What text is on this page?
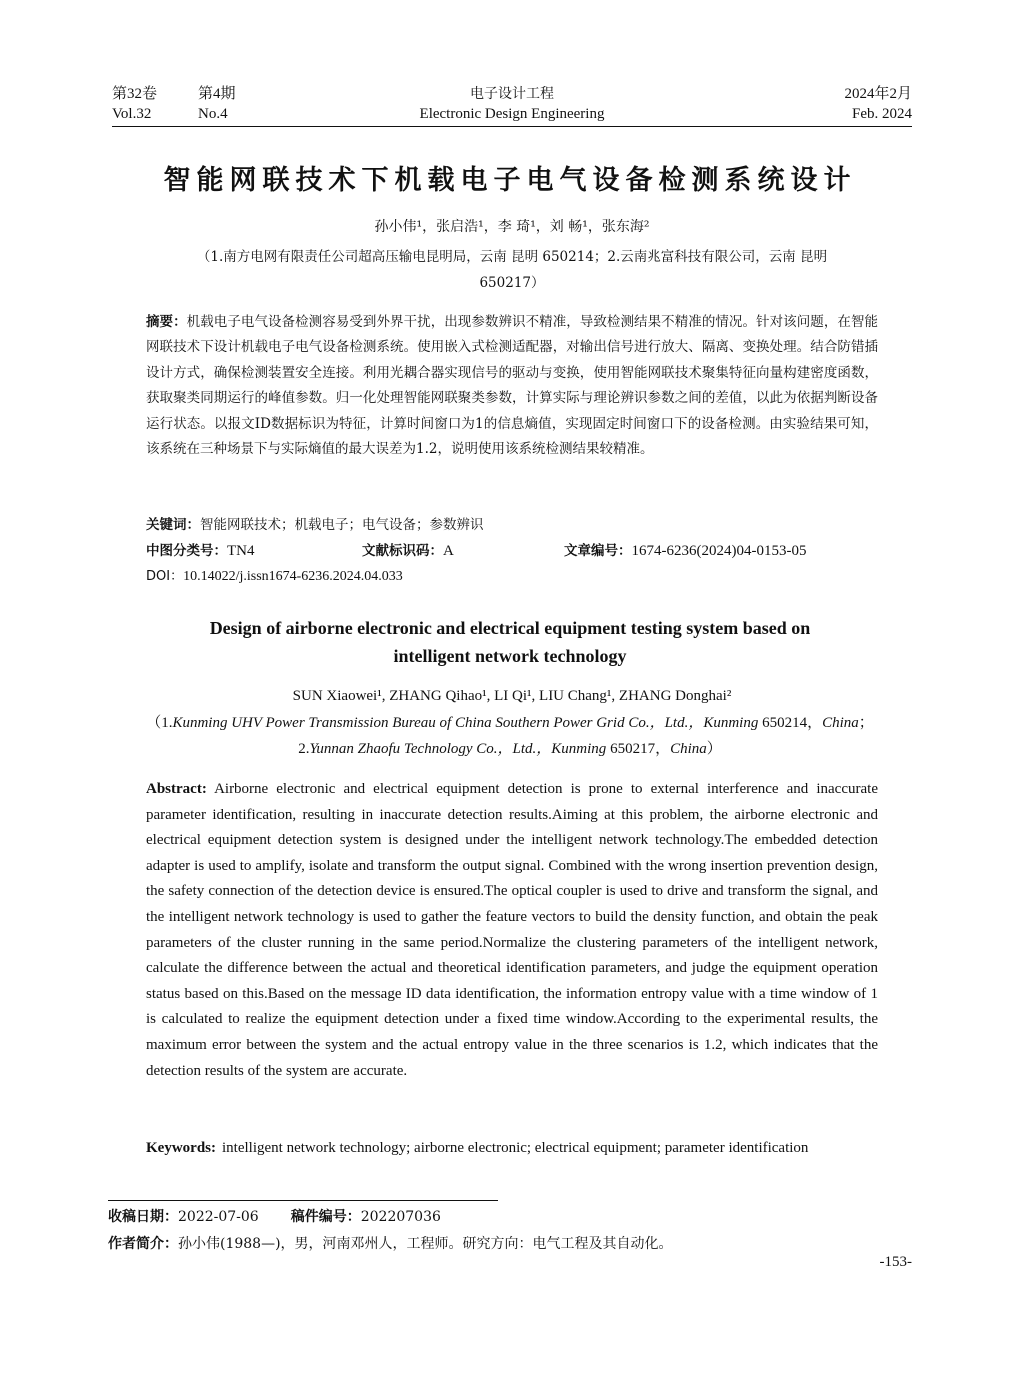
第32卷	第4期
Vol.32	No.4
电子设计工程
Electronic Design Engineering
2024年2月
Feb. 2024
智能网联技术下机载电子电气设备检测系统设计
孙小伟¹，张启浩¹，李 琦¹，刘 畅¹，张东海²
（1.南方电网有限责任公司超高压输电昆明局，云南 昆明 650214；2.云南兆富科技有限公司，云南 昆明
650217）
摘要：机载电子电气设备检测容易受到外界干扰，出现参数辨识不精准，导致检测结果不精准的情况。针对该问题，在智能网联技术下设计机载电子电气设备检测系统。使用嵌入式检测适配器，对输出信号进行放大、隔离、变换处理。结合防错插设计方式，确保检测装置安全连接。利用光耦合器实现信号的驱动与变换，使用智能网联技术聚集特征向量构建密度函数，获取聚类同期运行的峰值参数。归一化处理智能网联聚类参数，计算实际与理论辨识参数之间的差值，以此为依据判断设备运行状态。以报文ID数据标识为特征，计算时间窗口为1的信息熵值，实现固定时间窗口下的设备检测。由实验结果可知，该系统在三种场景下与实际熵值的最大误差为1.2，说明使用该系统检测结果较精准。
关键词：智能网联技术；机载电子；电气设备；参数辨识
中图分类号：TN4	文献标识码：A	文章编号：1674-6236(2024)04-0153-05
DOI：10.14022/j.issn1674-6236.2024.04.033
Design of airborne electronic and electrical equipment testing system based on
intelligent network technology
SUN Xiaowei¹, ZHANG Qihao¹, LI Qi¹, LIU Chang¹, ZHANG Donghai²
（1.Kunming UHV Power Transmission Bureau of China Southern Power Grid Co.，Ltd.，Kunming 650214，China；2.Yunnan Zhaofu Technology Co.，Ltd.，Kunming 650217，China）
Abstract: Airborne electronic and electrical equipment detection is prone to external interference and inaccurate parameter identification, resulting in inaccurate detection results.Aiming at this problem, the airborne electronic and electrical equipment detection system is designed under the intelligent network technology.The embedded detection adapter is used to amplify, isolate and transform the output signal. Combined with the wrong insertion prevention design, the safety connection of the detection device is ensured.The optical coupler is used to drive and transform the signal, and the intelligent network technology is used to gather the feature vectors to build the density function, and obtain the peak parameters of the cluster running in the same period.Normalize the clustering parameters of the intelligent network, calculate the difference between the actual and theoretical identification parameters, and judge the equipment operation status based on this.Based on the message ID data identification, the information entropy value with a time window of 1 is calculated to realize the equipment detection under a fixed time window.According to the experimental results, the maximum error between the system and the actual entropy value in the three scenarios is 1.2, which indicates that the detection results of the system are accurate.
Keywords: intelligent network technology; airborne electronic; electrical equipment; parameter identification
收稿日期：2022-07-06 稿件编号：202207036
作者简介：孙小伟(1988—)，男，河南邓州人，工程师。研究方向：电气工程及其自动化。
-153-
